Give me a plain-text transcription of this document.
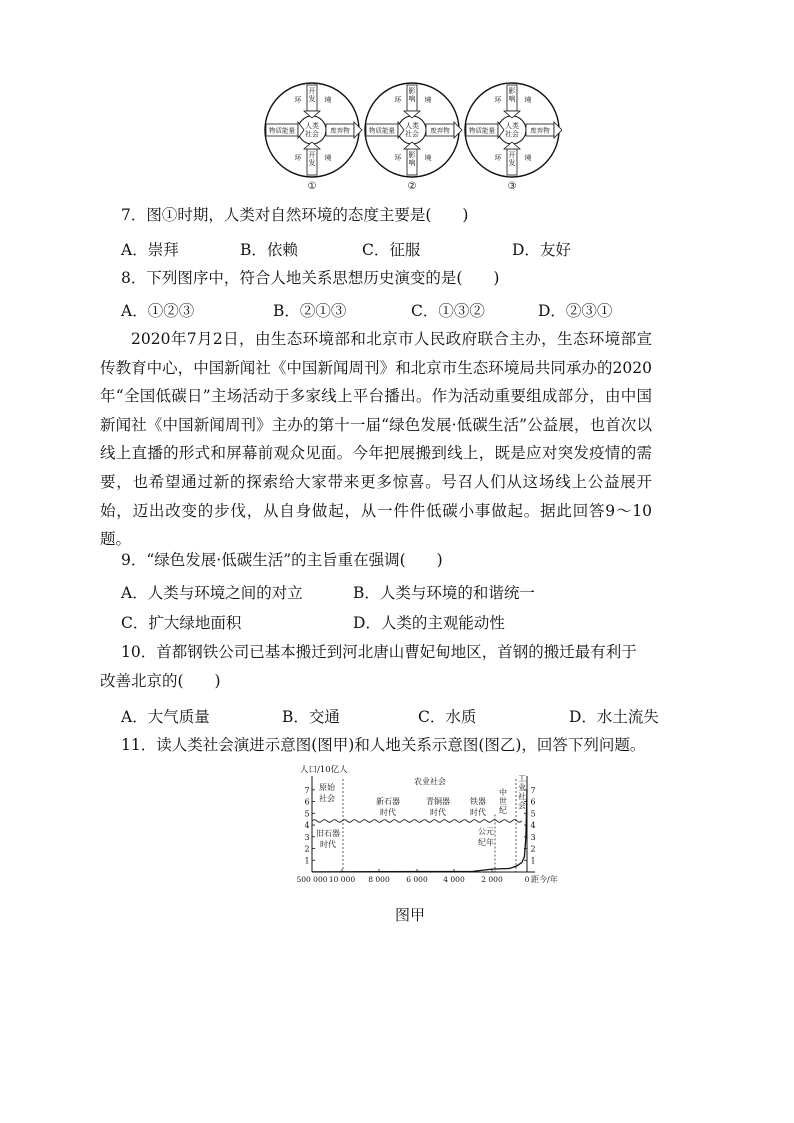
环
开
发 境
环 开
发
境
人类
社会
物质能量	废弃物
①
环
影
响 境
环 影
响
境
人类
社会
物质能量	废弃物
②
环
影
响 境
环 开
发
境
人类
社会
物质能量	废弃物
③
7．图①时期，人类对自然环境的态度主要是(　　)
A．崇拜	B．依赖	C．征服	D．友好
8．下列图序中，符合人地关系思想历史演变的是(　　)
A．①②③	B．②①③	C．①③②	D．②③①
2020年7月2日，由生态环境部和北京市人民政府联合主办，生态环境部宣传教育中心，中国新闻社《中国新闻周刊》和北京市生态环境局共同承办的2020年“全国低碳日”主场活动于多家线上平台播出。作为活动重要组成部分，由中国新闻社《中国新闻周刊》主办的第十一届“绿色发展·低碳生活”公益展，也首次以线上直播的形式和屏幕前观众见面。今年把展搬到线上，既是应对突发疫情的需要，也希望通过新的探索给大家带来更多惊喜。号召人们从这场线上公益展开始，迈出改变的步伐，从自身做起，从一件件低碳小事做起。据此回答9～10题。
9．“绿色发展·低碳生活”的主旨重在强调(　　)
A．人类与环境之间的对立	B．人类与环境的和谐统一
C．扩大绿地面积	D．人类的主观能动性
10．首都钢铁公司已基本搬迁到河北唐山曹妃甸地区，首钢的搬迁最有利于改善北京的(　　)
A．大气质量	B．交通	C．水质	D．水土流失
11．读人类社会演进示意图(图甲)和人地关系示意图(图乙)，回答下列问题。
1	1
2	2
3	3
4	4
5	5
6	6
7	7
500 000 10 000 8 000 6 000 4 000 2 000	0
人口/10亿人
距今/年
原始
社会
农业社会	工
业
社
会
旧石器
时代
新石器
时代
青铜器
时代
铁器
时代
中
世
纪
公元
纪年
图甲
